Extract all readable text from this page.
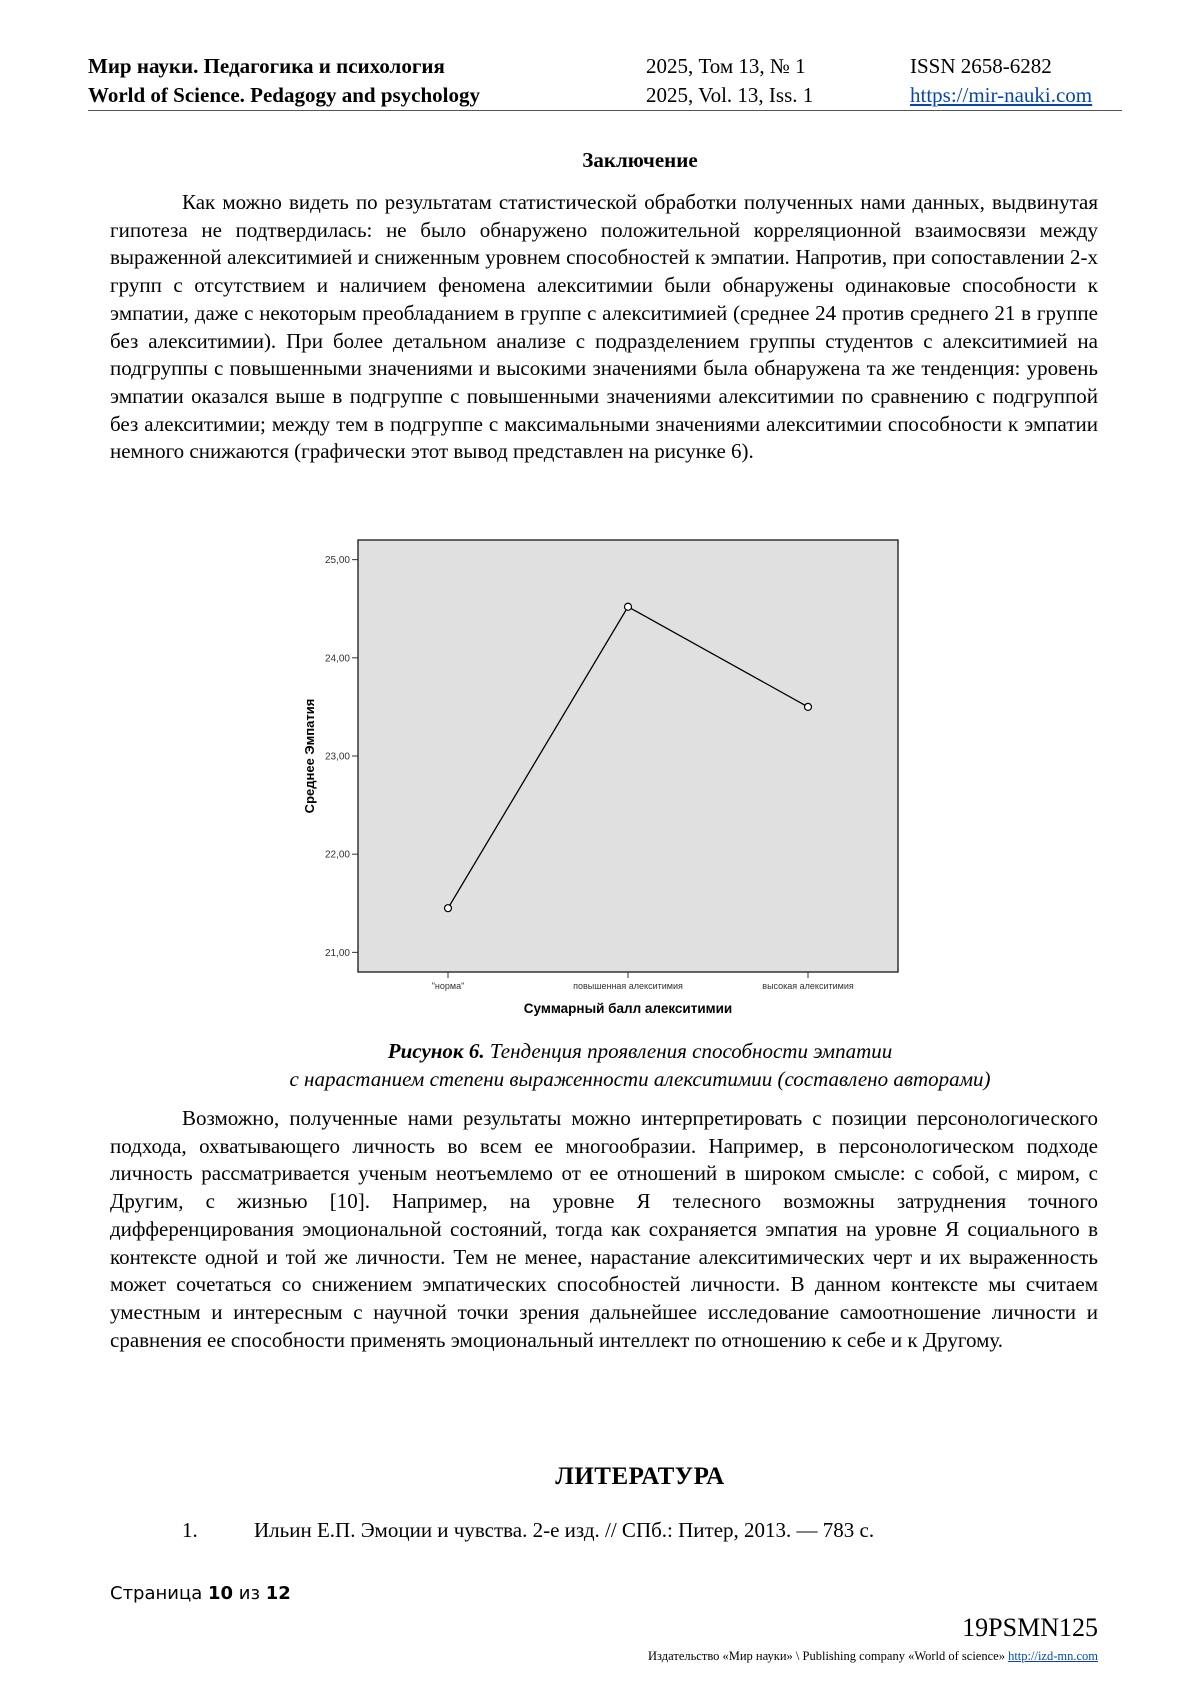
Мир науки. Педагогика и психология
World of Science. Pedagogy and psychology
2025, Том 13, № 1
2025, Vol. 13, Iss. 1
ISSN 2658-6282
https://mir-nauki.com
Заключение

Как можно видеть по результатам статистической обработки полученных нами данных, выдвинутая гипотеза не подтвердилась: не было обнаружено положительной корреляционной взаимосвязи между выраженной алекситимией и сниженным уровнем способностей к эмпатии. Напротив, при сопоставлении 2-х групп с отсутствием и наличием феномена алекситимии были обнаружены одинаковые способности к эмпатии, даже с некоторым преобладанием в группе с алекситимией (среднее 24 против среднего 21 в группе без алекситимии). При более детальном анализе с подразделением группы студентов с алекситимией на подгруппы с повышенными значениями и высокими значениями была обнаружена та же тенденция: уровень эмпатии оказался выше в подгруппе с повышенными значениями алекситимии по сравнению с подгруппой без алекситимии; между тем в подгруппе с максимальными значениями алекситимии способности к эмпатии немного снижаются (графически этот вывод представлен на рисунке 6).

21,00
22,00
23,00
24,00
25,00
"норма"	повышенная алекситимия	высокая алекситимия
Среднее Эмпатия
Суммарный балл алекситимии
Рисунок 6. Тенденция проявления способности эмпатии
с нарастанием степени выраженности алекситимии (составлено авторами)

Возможно, полученные нами результаты можно интерпретировать с позиции персонологического подхода, охватывающего личность во всем ее многообразии. Например, в персонологическом подходе личность рассматривается ученым неотъемлемо от ее отношений в широком смысле: с собой, с миром, с Другим, с жизнью [10]. Например, на уровне Я телесного возможны затруднения точного дифференцирования эмоциональной состояний, тогда как сохраняется эмпатия на уровне Я социального в контексте одной и той же личности. Тем не менее, нарастание алекситимических черт и их выраженность может сочетаться со снижением эмпатических способностей личности. В данном контексте мы считаем уместным и интересным с научной точки зрения дальнейшее исследование самоотношение личности и сравнения ее способности применять эмоциональный интеллект по отношению к себе и к Другому.

ЛИТЕРАТУРА
1.	Ильин Е.П. Эмоции и чувства. 2-е изд. // СПб.: Питер, 2013. — 783 с.
Страница 10 из 12
19PSMN125
Издательство «Мир науки» \ Publishing company «World of science» http://izd-mn.com
